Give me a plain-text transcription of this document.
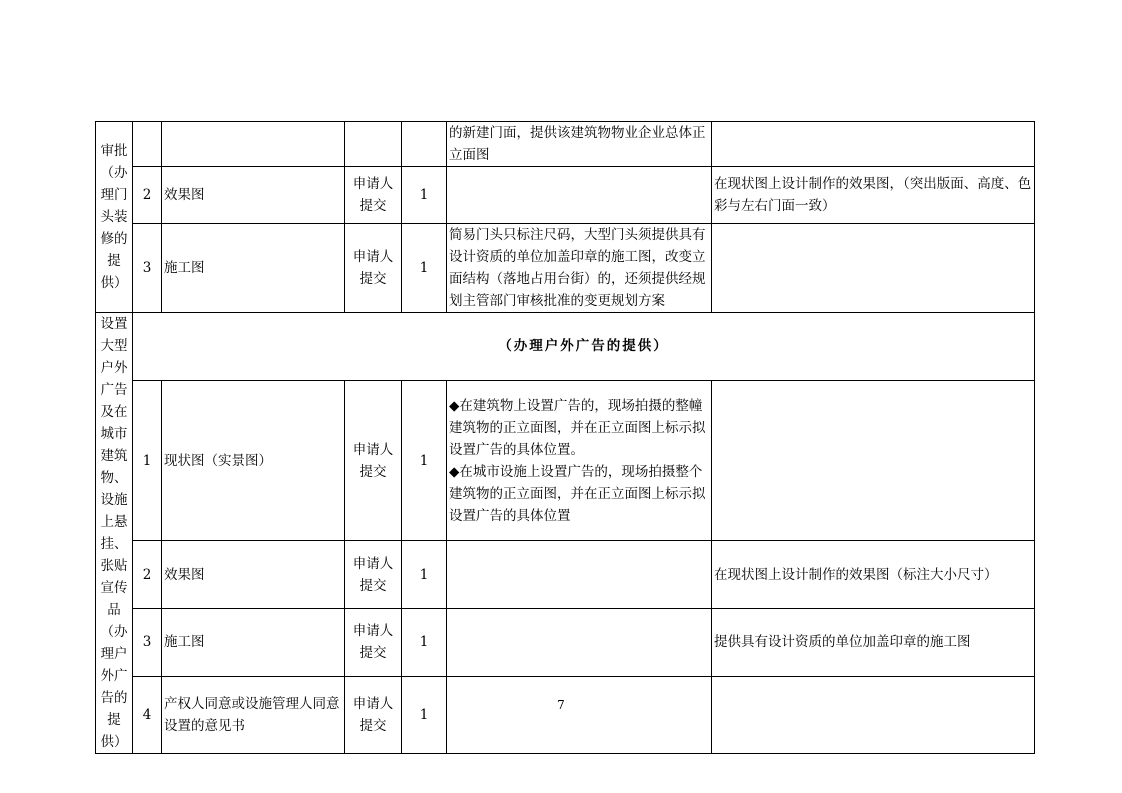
审批（办理门头装修的提供）					的新建门面，提供该建筑物物业企业总体正立面图	
	2	效果图	申请人提交	1		在现状图上设计制作的效果图，（突出版面、高度、色彩与左右门面一致）
	3	施工图	申请人提交	1	简易门头只标注尺码，大型门头须提供具有设计资质的单位加盖印章的施工图，改变立面结构（落地占用台街）的，还须提供经规划主管部门审核批准的变更规划方案	
设置大型户外广告及在城市建筑物、设施上悬挂、张贴宣传品（办理户外广告的提供）	（办理户外广告的提供）					
	1	现状图（实景图）	申请人提交	1	◆在建筑物上设置广告的，现场拍摄的整幢建筑物的正立面图，并在正立面图上标示拟设置广告的具体位置。
◆在城市设施上设置广告的，现场拍摄整个建筑物的正立面图，并在正立面图上标示拟设置广告的具体位置	

	2	效果图	申请人提交	1		在现状图上设计制作的效果图（标注大小尺寸）
	3	施工图	申请人提交	1		提供具有设计资质的单位加盖印章的施工图
	4	产权人同意或设施管理人同意设置的意见书	申请人提交	1		
7
